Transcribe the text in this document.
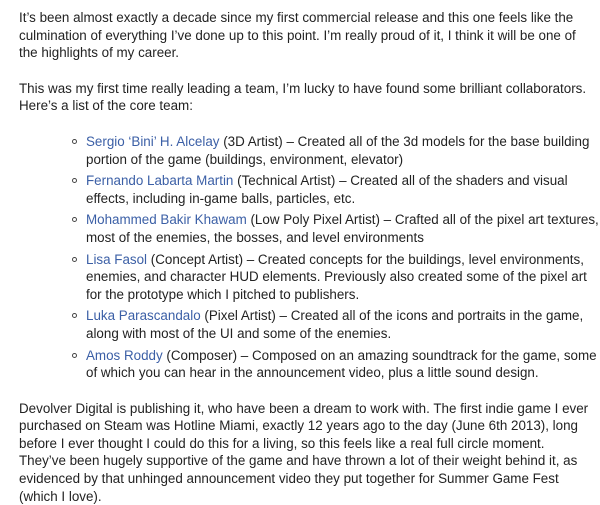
It’s been almost exactly a decade since my first commercial release and this one feels like the culmination of everything I’ve done up to this point. I’m really proud of it, I think it will be one of the highlights of my career.

This was my first time really leading a team, I’m lucky to have found some brilliant collaborators. Here’s a list of the core team:

Sergio ‘Bini’ H. Alcelay (3D Artist) – Created all of the 3d models for the base building portion of the game (buildings, environment, elevator)
Fernando Labarta Martin (Technical Artist) – Created all of the shaders and visual effects, including in-game balls, particles, etc.
Mohammed Bakir Khawam (Low Poly Pixel Artist) – Crafted all of the pixel art textures, most of the enemies, the bosses, and level environments
Lisa Fasol (Concept Artist) – Created concepts for the buildings, level environments, enemies, and character HUD elements. Previously also created some of the pixel art for the prototype which I pitched to publishers.
Luka Parascandalo (Pixel Artist) – Created all of the icons and portraits in the game, along with most of the UI and some of the enemies.
Amos Roddy (Composer) – Composed on an amazing soundtrack for the game, some of which you can hear in the announcement video, plus a little sound design.

Devolver Digital is publishing it, who have been a dream to work with. The first indie game I ever purchased on Steam was Hotline Miami, exactly 12 years ago to the day (June 6th 2013), long before I ever thought I could do this for a living, so this feels like a real full circle moment. They’ve been hugely supportive of the game and have thrown a lot of their weight behind it, as evidenced by that unhinged announcement video they put together for Summer Game Fest (which I love).
